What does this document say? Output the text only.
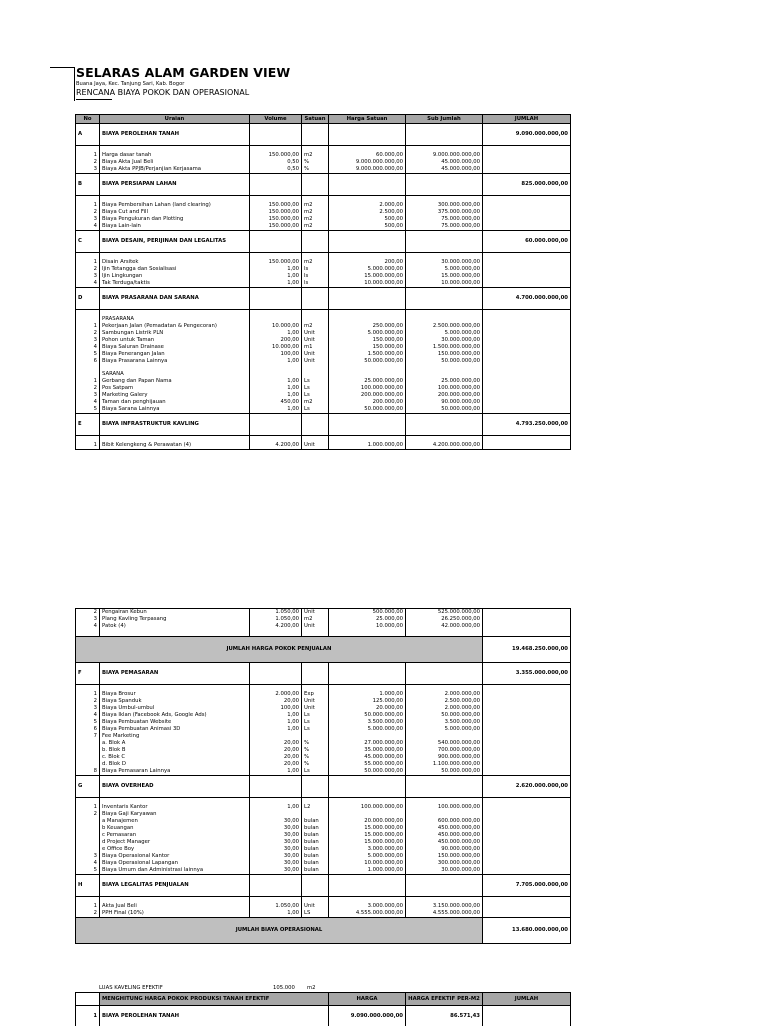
SELARAS ALAM GARDEN VIEW
Buana Jaya, Kec. Tanjung Sari, Kab. Bogor
RENCANA BIAYA POKOK DAN OPERASIONAL
No	Uraian	Volume	Satuan	Harga Satuan	Sub Jumlah	JUMLAH
A	BIAYA PEROLEHAN TANAH					9.090.000.000,00

1	Harga dasar tanah	150.000,00	m2	60.000,00	9.000.000.000,00	
2	Biaya Akta Jual Beli	0,50	%	9.000.000.000,00	45.000.000,00	
3	Biaya Akta PPJB/Perjanjian Kerjasama	0,50	%	9.000.000.000,00	45.000.000,00	
B	BIAYA PERSIAPAN LAHAN					825.000.000,00

1	Biaya Pembersihan Lahan (land clearing)	150.000,00	m2	2.000,00	300.000.000,00	
2	Biaya Cut and Fill	150.000,00	m2	2.500,00	375.000.000,00	
3	Biaya Pengukuran dan Plotting	150.000,00	m2	500,00	75.000.000,00	
4	Biaya Lain-lain	150.000,00	m2	500,00	75.000.000,00	
C	BIAYA DESAIN, PERIJINAN DAN LEGALITAS					60.000.000,00

1	Disain Arsitek	150.000,00	m2	200,00	30.000.000,00	
2	Ijin Tetangga dan Sosialisasi	1,00	ls	5.000.000,00	5.000.000,00	
3	Ijin Lingkungan	1,00	ls	15.000.000,00	15.000.000,00	
4	Tak Terduga/taktis	1,00	ls	10.000.000,00	10.000.000,00	
D	BIAYA PRASARANA DAN SARANA					4.700.000.000,00

	PRASARANA					
1	Pekerjaan Jalan (Pemadatan & Pengecoran)	10.000,00	m2	250.000,00	2.500.000.000,00	
2	Sambungan Listrik PLN	1,00	Unit	5.000.000,00	5.000.000,00	
3	Pohon untuk Taman	200,00	Unit	150.000,00	30.000.000,00	
4	Biaya Saluran Drainase	10.000,00	m1	150.000,00	1.500.000.000,00	
5	Biaya Penerangan Jalan	100,00	Unit	1.500.000,00	150.000.000,00	
6	Biaya Prasarana Lainnya	1,00	Unit	50.000.000,00	50.000.000,00	

	SARANA					
1	Gerbang dan Papan Nama	1,00	Ls	25.000.000,00	25.000.000,00	
2	Pos Satpam	1,00	Ls	100.000.000,00	100.000.000,00	
3	Marketing Galery	1,00	Ls	200.000.000,00	200.000.000,00	
4	Taman dan penghijauan	450,00	m2	200.000,00	90.000.000,00	
5	Biaya Sarana Lainnya	1,00	Ls	50.000.000,00	50.000.000,00	
E	BIAYA INFRASTRUKTUR KAVLING					4.793.250.000,00

1	Bibit Kelengkeng & Perawatan (4)	4.200,00	Unit	1.000.000,00	4.200.000.000,00	
2	Pengairan Kebun	1.050,00	Unit	500.000,00	525.000.000,00	
3	Plang Kavling Terpasang	1.050,00	m2	25.000,00	26.250.000,00	
4	Patok (4)	4.200,00	Unit	10.000,00	42.000.000,00	

JUMLAH HARGA POKOK PENJUALAN						19.468.250.000,00
F	BIAYA PEMASARAN					3.355.000.000,00

1	Biaya Brosur	2.000,00	Exp	1.000,00	2.000.000,00	
2	Biaya Spanduk	20,00	Unit	125.000,00	2.500.000,00	
3	Biaya Umbul-umbul	100,00	Unit	20.000,00	2.000.000,00	
4	Biaya Iklan (Facebook Ads, Google Ads)	1,00	Ls	50.000.000,00	50.000.000,00	
5	Biaya Pembuatan Website	1,00	Ls	3.500.000,00	3.500.000,00	
6	Biaya Pembuatan Animasi 3D	1,00	Ls	5.000.000,00	5.000.000,00	
7	Fee Marketing					
	a. Blok A	20,00	%	27.000.000,00	540.000.000,00	
	b. Blok B	20,00	%	35.000.000,00	700.000.000,00	
	c. Blok C	20,00	%	45.000.000,00	900.000.000,00	
	d. Blok D	20,00	%	55.000.000,00	1.100.000.000,00	
8	Biaya Pemasaran Lainnya	1,00	Ls	50.000.000,00	50.000.000,00	
G	BIAYA OVERHEAD					2.620.000.000,00

1	Inventaris Kantor	1,00	L2	100.000.000,00	100.000.000,00	
2	Biaya Gaji Karyawan					
	a Manajemen	30,00	bulan	20.000.000,00	600.000.000,00	
	b Keuangan	30,00	bulan	15.000.000,00	450.000.000,00	
	c Pemasaran	30,00	bulan	15.000.000,00	450.000.000,00	
	d Project Manager	30,00	bulan	15.000.000,00	450.000.000,00	
	e Office Boy	30,00	bulan	3.000.000,00	90.000.000,00	
3	Biaya Operasional Kantor	30,00	bulan	5.000.000,00	150.000.000,00	
4	Biaya Operasional Lapangan	30,00	bulan	10.000.000,00	300.000.000,00	
5	Biaya Umum dan Administrasi lainnya	30,00	bulan	1.000.000,00	30.000.000,00	
H	BIAYA LEGALITAS PENJUALAN					7.705.000.000,00

1	Akta Jual Beli	1.050,00	Unit	3.000.000,00	3.150.000.000,00	
2	PPH Final (10%)	1,00	LS	4.555.000.000,00	4.555.000.000,00	
JUMLAH BIAYA OPERASIONAL						13.680.000.000,00
LUAS KAVELING EFEKTIF	105.000 m2
	MENGHITUNG HARGA POKOK PRODUKSI TANAH EFEKTIF	HARGA	HARGA EFEKTIF PER-M2	JUMLAH
1	BIAYA PEROLEHAN TANAH	9.090.000.000,00	86.571,43	
